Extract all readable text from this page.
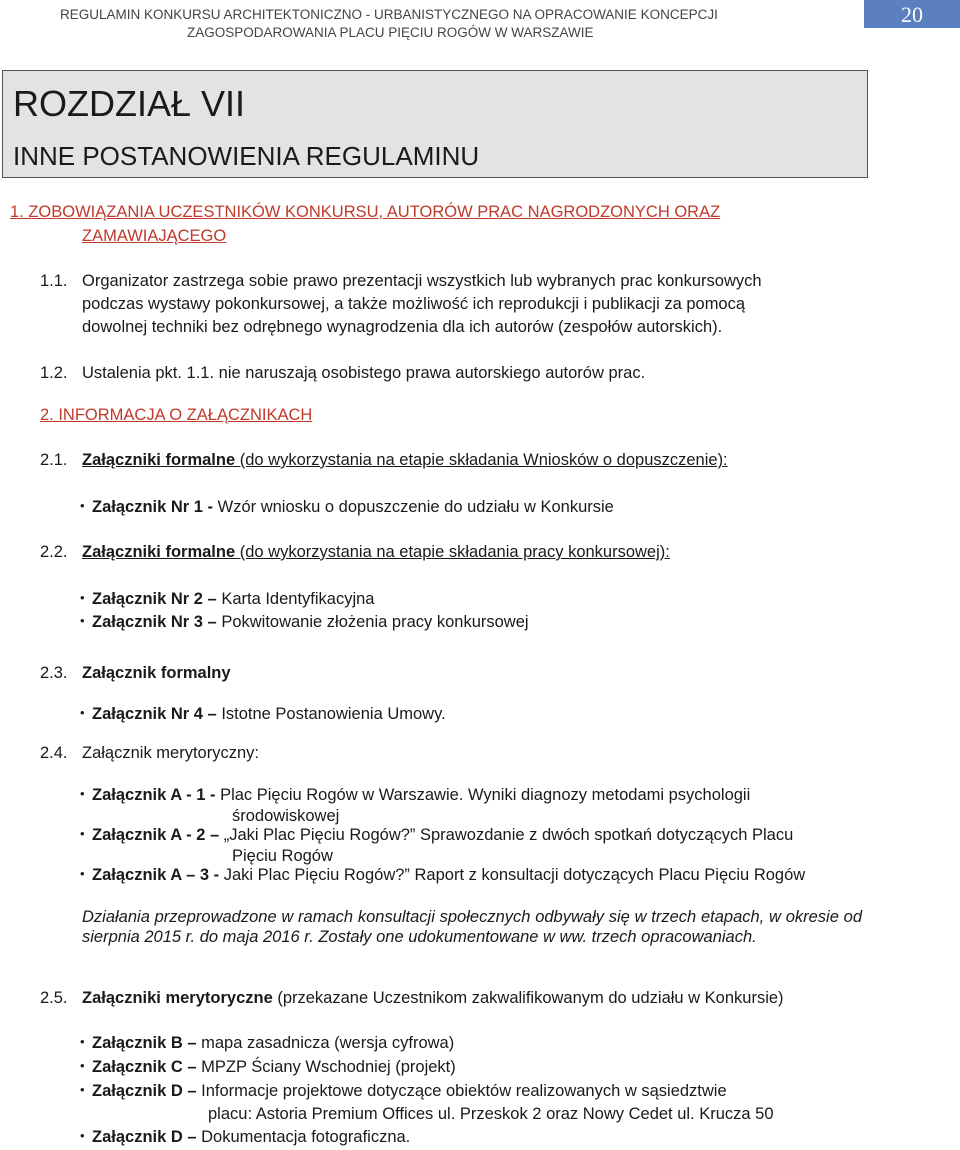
REGULAMIN KONKURSU ARCHITEKTONICZNO - URBANISTYCZNEGO NA OPRACOWANIE KONCEPCJI
ZAGOSPODAROWANIA PLACU PIĘCIU ROGÓW W WARSZAWIE
20
ROZDZIAŁ VII
INNE POSTANOWIENIA REGULAMINU
1. ZOBOWIĄZANIA UCZESTNIKÓW KONKURSU, AUTORÓW PRAC NAGRODZONYCH ORAZ
ZAMAWIAJĄCEGO
1.1. Organizator zastrzega sobie prawo prezentacji wszystkich lub wybranych prac konkursowych
podczas wystawy pokonkursowej, a także możliwość ich reprodukcji i publikacji za pomocą
dowolnej techniki bez odrębnego wynagrodzenia dla ich autorów (zespołów autorskich).
1.2. Ustalenia pkt. 1.1. nie naruszają osobistego prawa autorskiego autorów prac.
2. INFORMACJA O ZAŁĄCZNIKACH
2.1. Załączniki formalne (do wykorzystania na etapie składania Wniosków o dopuszczenie):
• Załącznik Nr 1 - Wzór wniosku o dopuszczenie do udziału w Konkursie
2.2. Załączniki formalne (do wykorzystania na etapie składania pracy konkursowej):
• Załącznik Nr 2 – Karta Identyfikacyjna
• Załącznik Nr 3 – Pokwitowanie złożenia pracy konkursowej
2.3. Załącznik formalny
• Załącznik Nr 4 – Istotne Postanowienia Umowy.
2.4. Załącznik merytoryczny:
• Załącznik A - 1 - Plac Pięciu Rogów w Warszawie. Wyniki diagnozy metodami psychologii
środowiskowej
• Załącznik A - 2 – „Jaki Plac Pięciu Rogów?” Sprawozdanie z dwóch spotkań dotyczących Placu
Pięciu Rogów
• Załącznik A – 3 - Jaki Plac Pięciu Rogów?” Raport z konsultacji dotyczących Placu Pięciu Rogów
Działania przeprowadzone w ramach konsultacji społecznych odbywały się w trzech etapach, w okresie od sierpnia 2015 r. do maja 2016 r. Zostały one udokumentowane w ww. trzech opracowaniach.
2.5. Załączniki merytoryczne (przekazane Uczestnikom zakwalifikowanym do udziału w Konkursie)
• Załącznik B – mapa zasadnicza (wersja cyfrowa)
• Załącznik C – MPZP Ściany Wschodniej (projekt)
• Załącznik D – Informacje projektowe dotyczące obiektów realizowanych w sąsiedztwie
placu: Astoria Premium Offices ul. Przeskok 2 oraz Nowy Cedet ul. Krucza 50
• Załącznik D – Dokumentacja fotograficzna.
